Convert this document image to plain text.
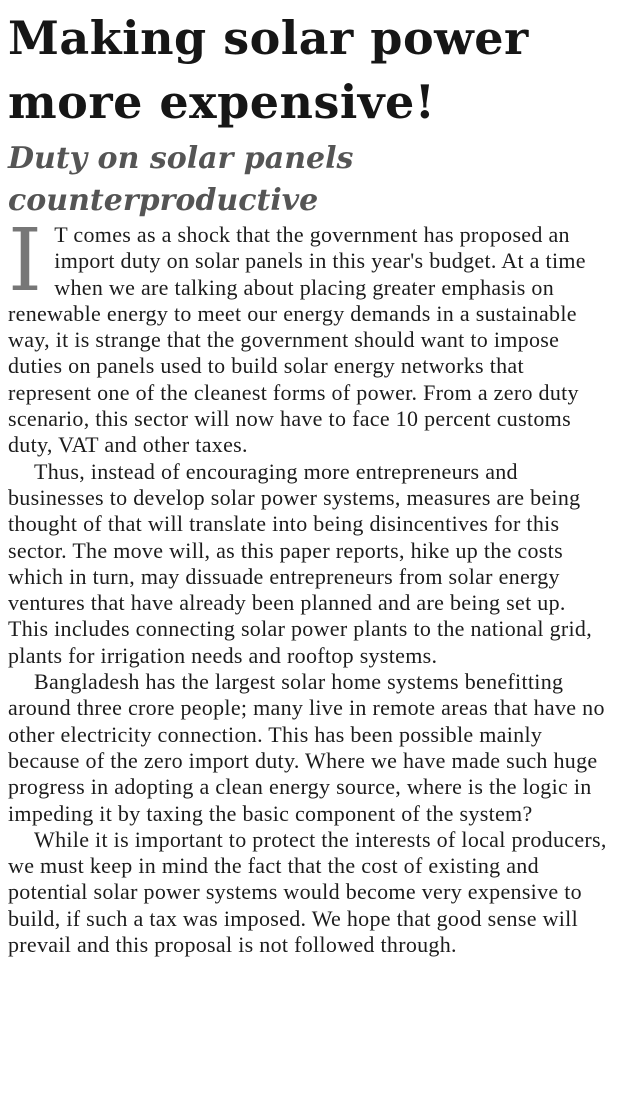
Making solar power
more expensive!
Duty on solar panels
counterproductive

I T comes as a shock that the government has proposed an import duty on solar panels in this year's budget. At a time when we are talking about placing greater emphasis on renewable energy to meet our energy demands in a sustainable way, it is strange that the government should want to impose duties on panels used to build solar energy networks that represent one of the cleanest forms of power. From a zero duty scenario, this sector will now have to face 10 percent customs duty, VAT and other taxes.

Thus, instead of encouraging more entrepreneurs and businesses to develop solar power systems, measures are being thought of that will translate into being disincentives for this sector. The move will, as this paper reports, hike up the costs which in turn, may dissuade entrepreneurs from solar energy ventures that have already been planned and are being set up. This includes connecting solar power plants to the national grid, plants for irrigation needs and rooftop systems.

Bangladesh has the largest solar home systems benefitting around three crore people; many live in remote areas that have no other electricity connection. This has been possible mainly because of the zero import duty. Where we have made such huge progress in adopting a clean energy source, where is the logic in impeding it by taxing the basic component of the system?

While it is important to protect the interests of local producers, we must keep in mind the fact that the cost of existing and potential solar power systems would become very expensive to build, if such a tax was imposed. We hope that good sense will prevail and this proposal is not followed through.
